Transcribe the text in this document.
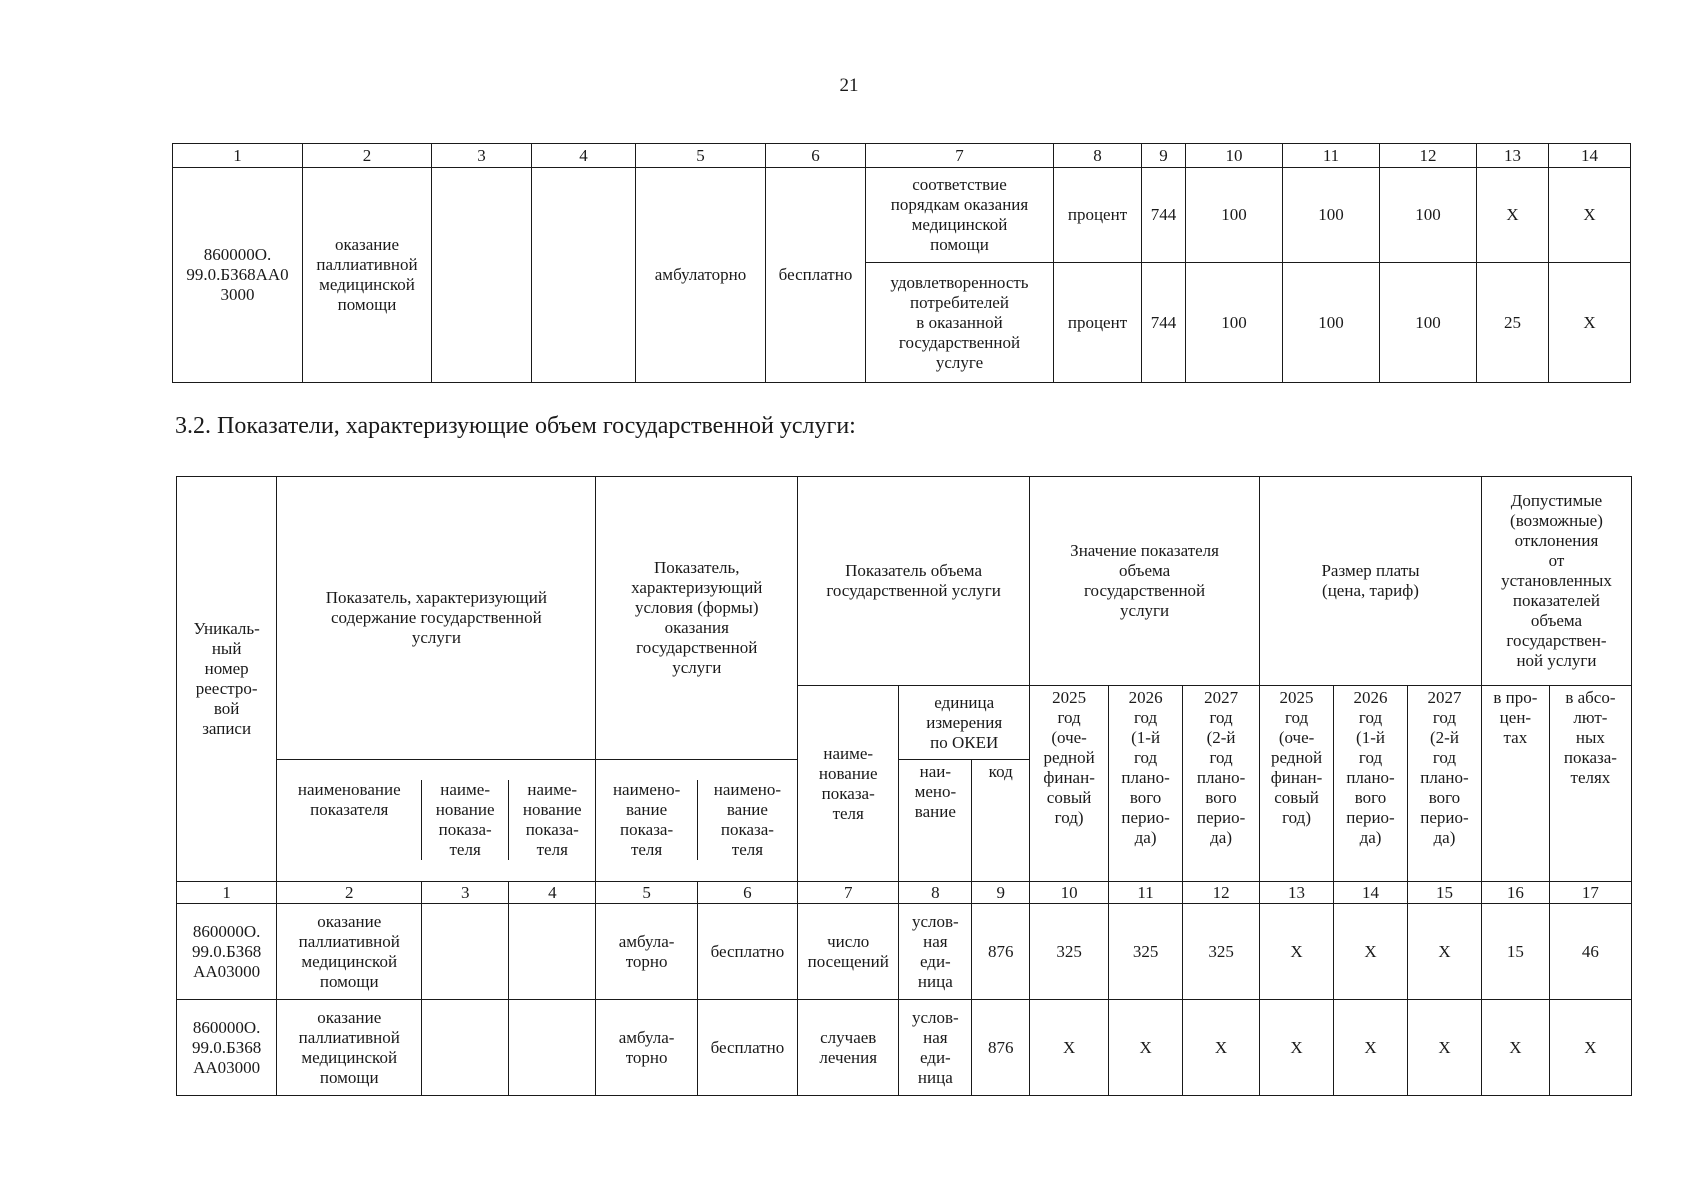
21
1	2	3	4	5	6	7	8	9	10	11	12	13	14
860000О.
99.0.БЗ68АА0
3000	оказание
паллиативной
медицинской
помощи			амбулаторно	бесплатно	соответствие
порядкам оказания
медицинской
помощи	процент	744	100	100	100	X	X
						удовлетворенность
потребителей
в оказанной
государственной
услуге	процент	744	100	100	100	25	X
3.2. Показатели, характеризующие объем государственной услуги:
Уникаль-
ный
номер
реестро-
вой
записи	Показатель, характеризующий
содержание государственной
услуги	Показатель,
характеризующий
условия (формы)
оказания
государственной
услуги	Показатель объема
государственной услуги	Значение показателя
объема
государственной
услуги	Размер платы
(цена, тариф)	Допустимые
(возможные)
отклонения
от
установленных
показателей
объема
государствен-
ной услуги
наиме-
нование
показа-
теля	единица
измерения
по ОКЕИ	2025
год
(оче-
редной
финан-
совый
год)	2026
год
(1-й
год
плано-
вого
перио-
да)	2027
год
(2-й
год
плано-
вого
перио-
да)	2025
год
(оче-
редной
финан-
совый
год)	2026
год
(1-й
год
плано-
вого
перио-
да)	2027
год
(2-й
год
плано-
вого
перио-
да)	в про-
цен-
тах	в абсо-
лют-
ных
показа-
телях

наименование
показателя	наиме-
нование
показа-
теля	наиме-
нование
показа-
теля

наимено-
вание
показа-
теля	наимено-
вание
показа-
теля

	наи-
мено-
вание	код

1	2	3	4	5	6	7	8	9	10	11	12	13	14	15	16	17
860000О.
99.0.БЗ68
АА03000	оказание
паллиативной
медицинской
помощи			амбула-
торно	бесплатно	число
посещений	услов-
ная
еди-
ница	876	325	325	325	X	X	X	15	46
860000О.
99.0.БЗ68
АА03000	оказание
паллиативной
медицинской
помощи			амбула-
торно	бесплатно	случаев
лечения	услов-
ная
еди-
ница	876	X	X	X	X	X	X	X	X
